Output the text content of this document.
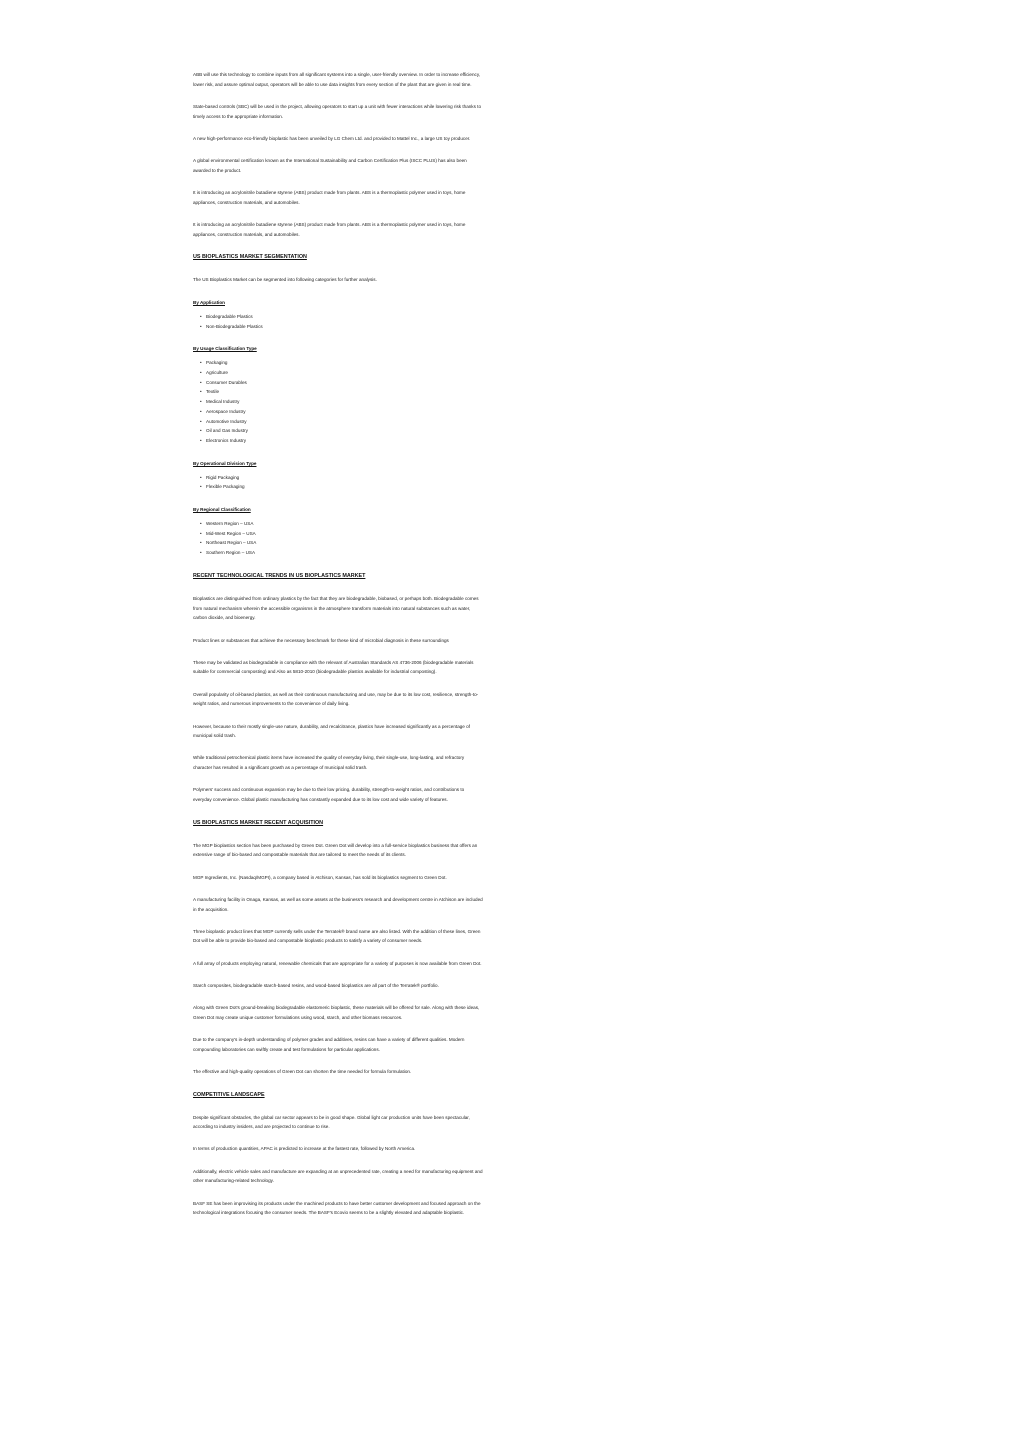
ABB will use this technology to combine inputs from all significant systems into a single, user-friendly overview. In order to increase efficiency, lower risk, and assure optimal output, operators will be able to use data insights from every section of the plant that are given in real time.

State-based controls (SBC) will be used in the project, allowing operators to start up a unit with fewer interactions while lowering risk thanks to timely access to the appropriate information.

A new high-performance eco-friendly bioplastic has been unveiled by LG Chem Ltd. and provided to Mattel Inc., a large US toy producer.

A global environmental certification known as the International Sustainability and Carbon Certification Plus (ISCC PLUS) has also been awarded to the product.

It is introducing an acrylonitrile butadiene styrene (ABS) product made from plants. ABS is a thermoplastic polymer used in toys, home appliances, construction materials, and automobiles.

It is introducing an acrylonitrile butadiene styrene (ABS) product made from plants. ABS is a thermoplastic polymer used in toys, home appliances, construction materials, and automobiles.

US BIOPLASTICS MARKET SEGMENTATION

The US Bioplastics Market can be segmented into following categories for further analysis.

By Application
• Biodegradable Plastics
• Non-Biodegradable Plastics
By Usage Classification Type
• Packaging
• Agriculture
• Consumer Durables
• Textile
• Medical Industry
• Aerospace Industry
• Automotive Industry
• Oil and Gas Industry
• Electronics Industry
By Operational Division Type
• Rigid Packaging
• Flexible Packaging
By Regional Classification
• Western Region – USA
• Mid-West Region – USA
• Northeast Region – USA
• Southern Region – USA
RECENT TECHNOLOGICAL TRENDS IN US BIOPLASTICS MARKET

Bioplastics are distinguished from ordinary plastics by the fact that they are biodegradable, biobased, or perhaps both. Biodegradable comes from natural mechanism wherein the accessible organisms in the atmosphere transform materials into natural substances such as water, carbon dioxide, and bioenergy.

Product lines or substances that achieve the necessary benchmark for these kind of microbial diagnosis in these surroundings

These may be validated as biodegradable in compliance with the relevant of Australian Standards AS 4736-2006 (biodegradable materials suitable for commercial composting) and Also as 5810-2010 (biodegradable plastics available for industrial composting).

Overall popularity of oil-based plastics, as well as their continuous manufacturing and use, may be due to its low cost, resilience, strength-to-weight ratios, and numerous improvements to the convenience of daily living.

However, because to their mostly single-use nature, durability, and recalcitrance, plastics have increased significantly as a percentage of municipal solid trash.

While traditional petrochemical plastic items have increased the quality of everyday living, their single-use, long-lasting, and refractory character has resulted in a significant growth as a percentage of municipal solid trash.

Polymers' success and continuous expansion may be due to their low pricing, durability, strength-to-weight ratios, and contributions to everyday convenience. Global plastic manufacturing has constantly expanded due to its low cost and wide variety of features.

US BIOPLASTICS MARKET RECENT ACQUISITION

The MGP bioplastics section has been purchased by Green Dot. Green Dot will develop into a full-service bioplastics business that offers an extensive range of bio-based and compostable materials that are tailored to meet the needs of its clients.

MGP Ingredients, Inc. (Nasdaq/MGPI), a company based in Atchison, Kansas, has sold its bioplastics segment to Green Dot.

A manufacturing facility in Onaga, Kansas, as well as some assets at the business's research and development centre in Atchison are included in the acquisition.

Three bioplastic product lines that MGP currently sells under the Terratek® brand name are also listed. With the addition of these lines, Green Dot will be able to provide bio-based and compostable bioplastic products to satisfy a variety of consumer needs.

A full array of products employing natural, renewable chemicals that are appropriate for a variety of purposes is now available from Green Dot.

Starch composites, biodegradable starch-based resins, and wood-based bioplastics are all part of the Terratek® portfolio.

Along with Green Dot's ground-breaking biodegradable elastomeric bioplastic, these materials will be offered for sale. Along with these ideas, Green Dot may create unique customer formulations using wood, starch, and other biomass resources.

Due to the company's in-depth understanding of polymer grades and additives, resins can have a variety of different qualities. Modern compounding laboratories can swiftly create and test formulations for particular applications.

The effective and high-quality operations of Green Dot can shorten the time needed for formula formulation.

COMPETITIVE LANDSCAPE

Despite significant obstacles, the global car sector appears to be in good shape. Global light car production units have been spectacular, according to industry insiders, and are projected to continue to rise.

In terms of production quantities, APAC is predicted to increase at the fastest rate, followed by North America.

Additionally, electric vehicle sales and manufacture are expanding at an unprecedented rate, creating a need for manufacturing equipment and other manufacturing-related technology.

BASF SE has been improvising its products under the machined products to have better customer development and focused approach on the technological integrations focusing the consumer needs. The BASF's Ecovio seems to be a slightly elevated and adaptable bioplastic.
